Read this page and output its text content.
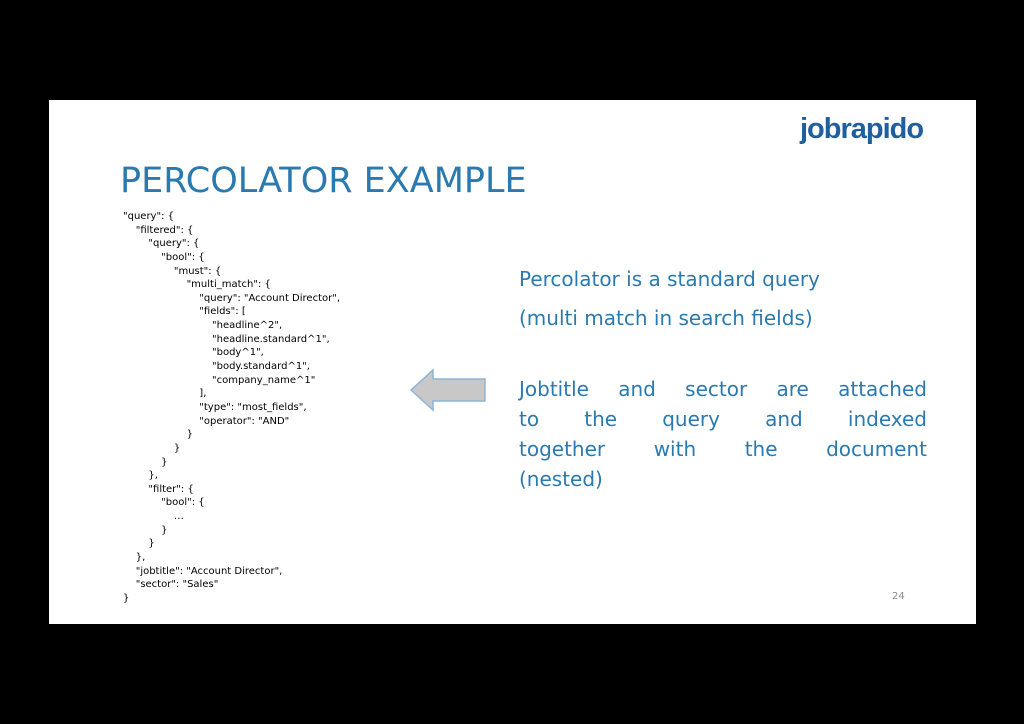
jobrapido
PERCOLATOR EXAMPLE
"query": {
"filtered": {
"query": {
"bool": {
"must": {
"multi_match": {
"query": "Account Director",
"fields": [
"headline^2",
"headline.standard^1",
"body^1",
"body.standard^1",
"company_name^1"
],
"type": "most_fields",
"operator": "AND"
}
}
}
},
"filter": {
"bool": {
…
}
}
},
"jobtitle": "Account Director",
"sector": "Sales"
}
Percolator is a standard query
(multi match in search fields)
Jobtitle and sector are attached
to the query and indexed
together with the document
(nested)
24
